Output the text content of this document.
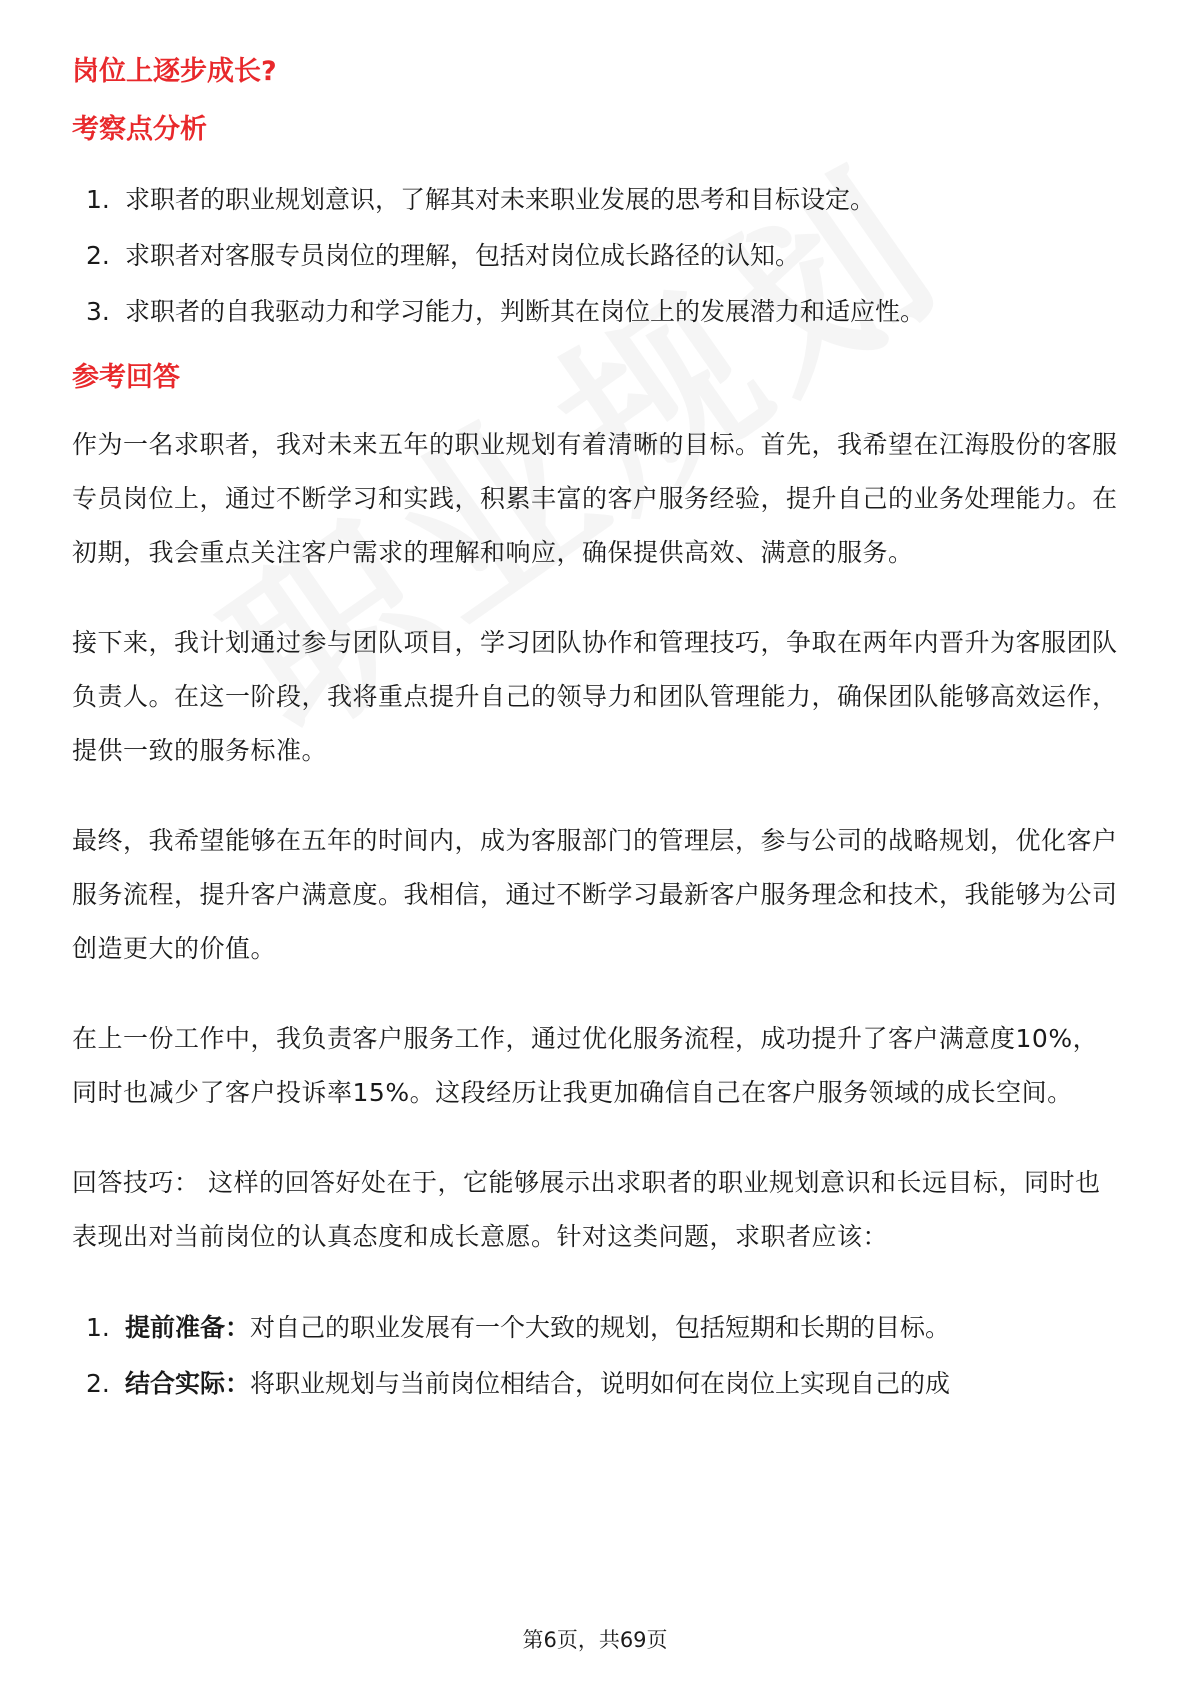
岗位上逐步成长?
考察点分析
1. 求职者的职业规划意识，了解其对未来职业发展的思考和目标设定。
2. 求职者对客服专员岗位的理解，包括对岗位成长路径的认知。
3. 求职者的自我驱动力和学习能力，判断其在岗位上的发展潜力和适应性。
参考回答

作为一名求职者，我对未来五年的职业规划有着清晰的目标。首先，我希望在江海股份的客服专员岗位上，通过不断学习和实践，积累丰富的客户服务经验，提升自己的业务处理能力。在初期，我会重点关注客户需求的理解和响应，确保提供高效、满意的服务。

接下来，我计划通过参与团队项目，学习团队协作和管理技巧，争取在两年内晋升为客服团队负责人。在这一阶段，我将重点提升自己的领导力和团队管理能力，确保团队能够高效运作，提供一致的服务标准。

最终，我希望能够在五年的时间内，成为客服部门的管理层，参与公司的战略规划，优化客户服务流程，提升客户满意度。我相信，通过不断学习最新客户服务理念和技术，我能够为公司创造更大的价值。

在上一份工作中，我负责客户服务工作，通过优化服务流程，成功提升了客户满意度10%，同时也减少了客户投诉率15%。这段经历让我更加确信自己在客户服务领域的成长空间。

回答技巧： 这样的回答好处在于，它能够展示出求职者的职业规划意识和长远目标，同时也表现出对当前岗位的认真态度和成长意愿。针对这类问题，求职者应该：

1. 提前准备：对自己的职业发展有一个大致的规划，包括短期和长期的目标。
2. 结合实际：将职业规划与当前岗位相结合，说明如何在岗位上实现自己的成
第6页，共69页
